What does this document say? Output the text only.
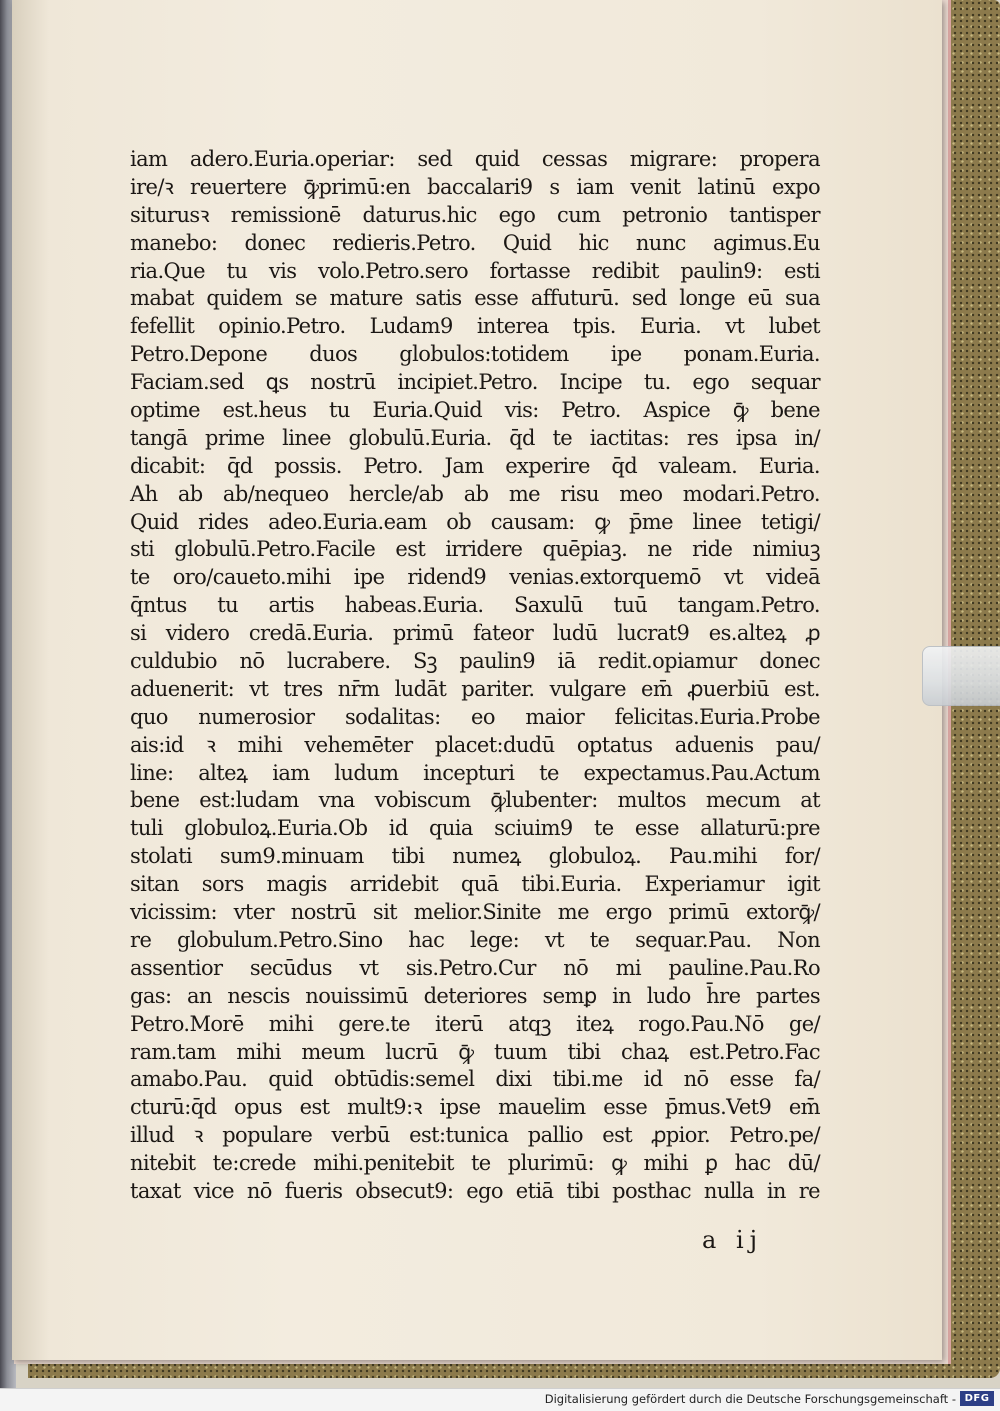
iam adero.Euria.operiar: sed quid cessas migrare: propera
ire/ꝛ reuertere ꝙ̄primū:en baccalari9 s iam venit latinū expo
siturusꝛ remissionē daturus.hic ego cum petronio tantisper
manebo: donec redieris.Petro. Quid hic nunc agimus.Eu
ria.Que tu vis volo.Petro.sero fortasse redibit paulin9: esti
mabat quidem se mature satis esse affuturū. sed longe eū sua
fefellit opinio.Petro. Ludam9 interea tpis. Euria. vt lubet
Petro.Depone duos globulos:totidem ipe ponam.Euria.
Faciam.sed ꝗs nostrū incipiet.Petro. Incipe tu. ego sequar
optime est.heus tu Euria.Quid vis: Petro. Aspice ꝙ̄ bene
tangā prime linee globulū.Euria. q̄d te iactitas: res ipsa in/
dicabit: q̄d possis. Petro. Jam experire q̄d valeam. Euria.
Ah ab ab/nequeo hercle/ab ab me risu meo modari.Petro.
Quid rides adeo.Euria.eam ob causam: ꝙ p̄me linee tetigi/
sti globulū.Petro.Facile est irridere quēpiaꝫ. ne ride nimiuꝫ
te oro/caueto.mihi ipe ridend9 venias.extorquemō vt videā
q̄ntus tu artis habeas.Euria. Saxulū tuū tangam.Petro.
si videro credā.Euria. primū fateor ludū lucrat9 es.alteꝝ ꝓ
culdubio nō lucrabere. Sꝫ paulin9 iā redit.opiamur donec
aduenerit: vt tres nr̄m ludāt pariter. vulgare em̄ ꝓuerbiū est.
quo numerosior sodalitas: eo maior felicitas.Euria.Probe
ais:id ꝛ mihi vehemēter placet:dudū optatus aduenis pau/
line: alteꝝ iam ludum incepturi te expectamus.Pau.Actum
bene est:ludam vna vobiscum ꝙ̄lubenter: multos mecum at
tuli globuloꝝ.Euria.Ob id quia sciuim9 te esse allaturū:pre
stolati sum9.minuam tibi numeꝝ globuloꝝ. Pau.mihi for/
sitan sors magis arridebit quā tibi.Euria. Experiamur igit
vicissim: vter nostrū sit melior.Sinite me ergo primū extorꝙ̄/
re globulum.Petro.Sino hac lege: vt te sequar.Pau. Non
assentior secūdus vt sis.Petro.Cur nō mi pauline.Pau.Ro
gas: an nescis nouissimū deteriores semꝑ in ludo h̄re partes
Petro.Morē mihi gere.te iterū atqꝫ iteꝝ rogo.Pau.Nō ge/
ram.tam mihi meum lucrū ꝙ̄ tuum tibi chaꝝ est.Petro.Fac
amabo.Pau. quid obtūdis:semel dixi tibi.me id nō esse fa/
cturū:q̄d opus est mult9:ꝛ ipse mauelim esse p̄mus.Vet9 em̄
illud ꝛ populare verbū est:tunica pallio est ꝓpior. Petro.pe/
nitebit te:crede mihi.penitebit te plurimū: ꝙ mihi ꝑ hac dū/
taxat vice nō fueris obsecut9: ego etiā tibi posthac nulla in re
a ij
Digitalisierung gefördert durch die Deutsche Forschungsgemeinschaft - DFG
